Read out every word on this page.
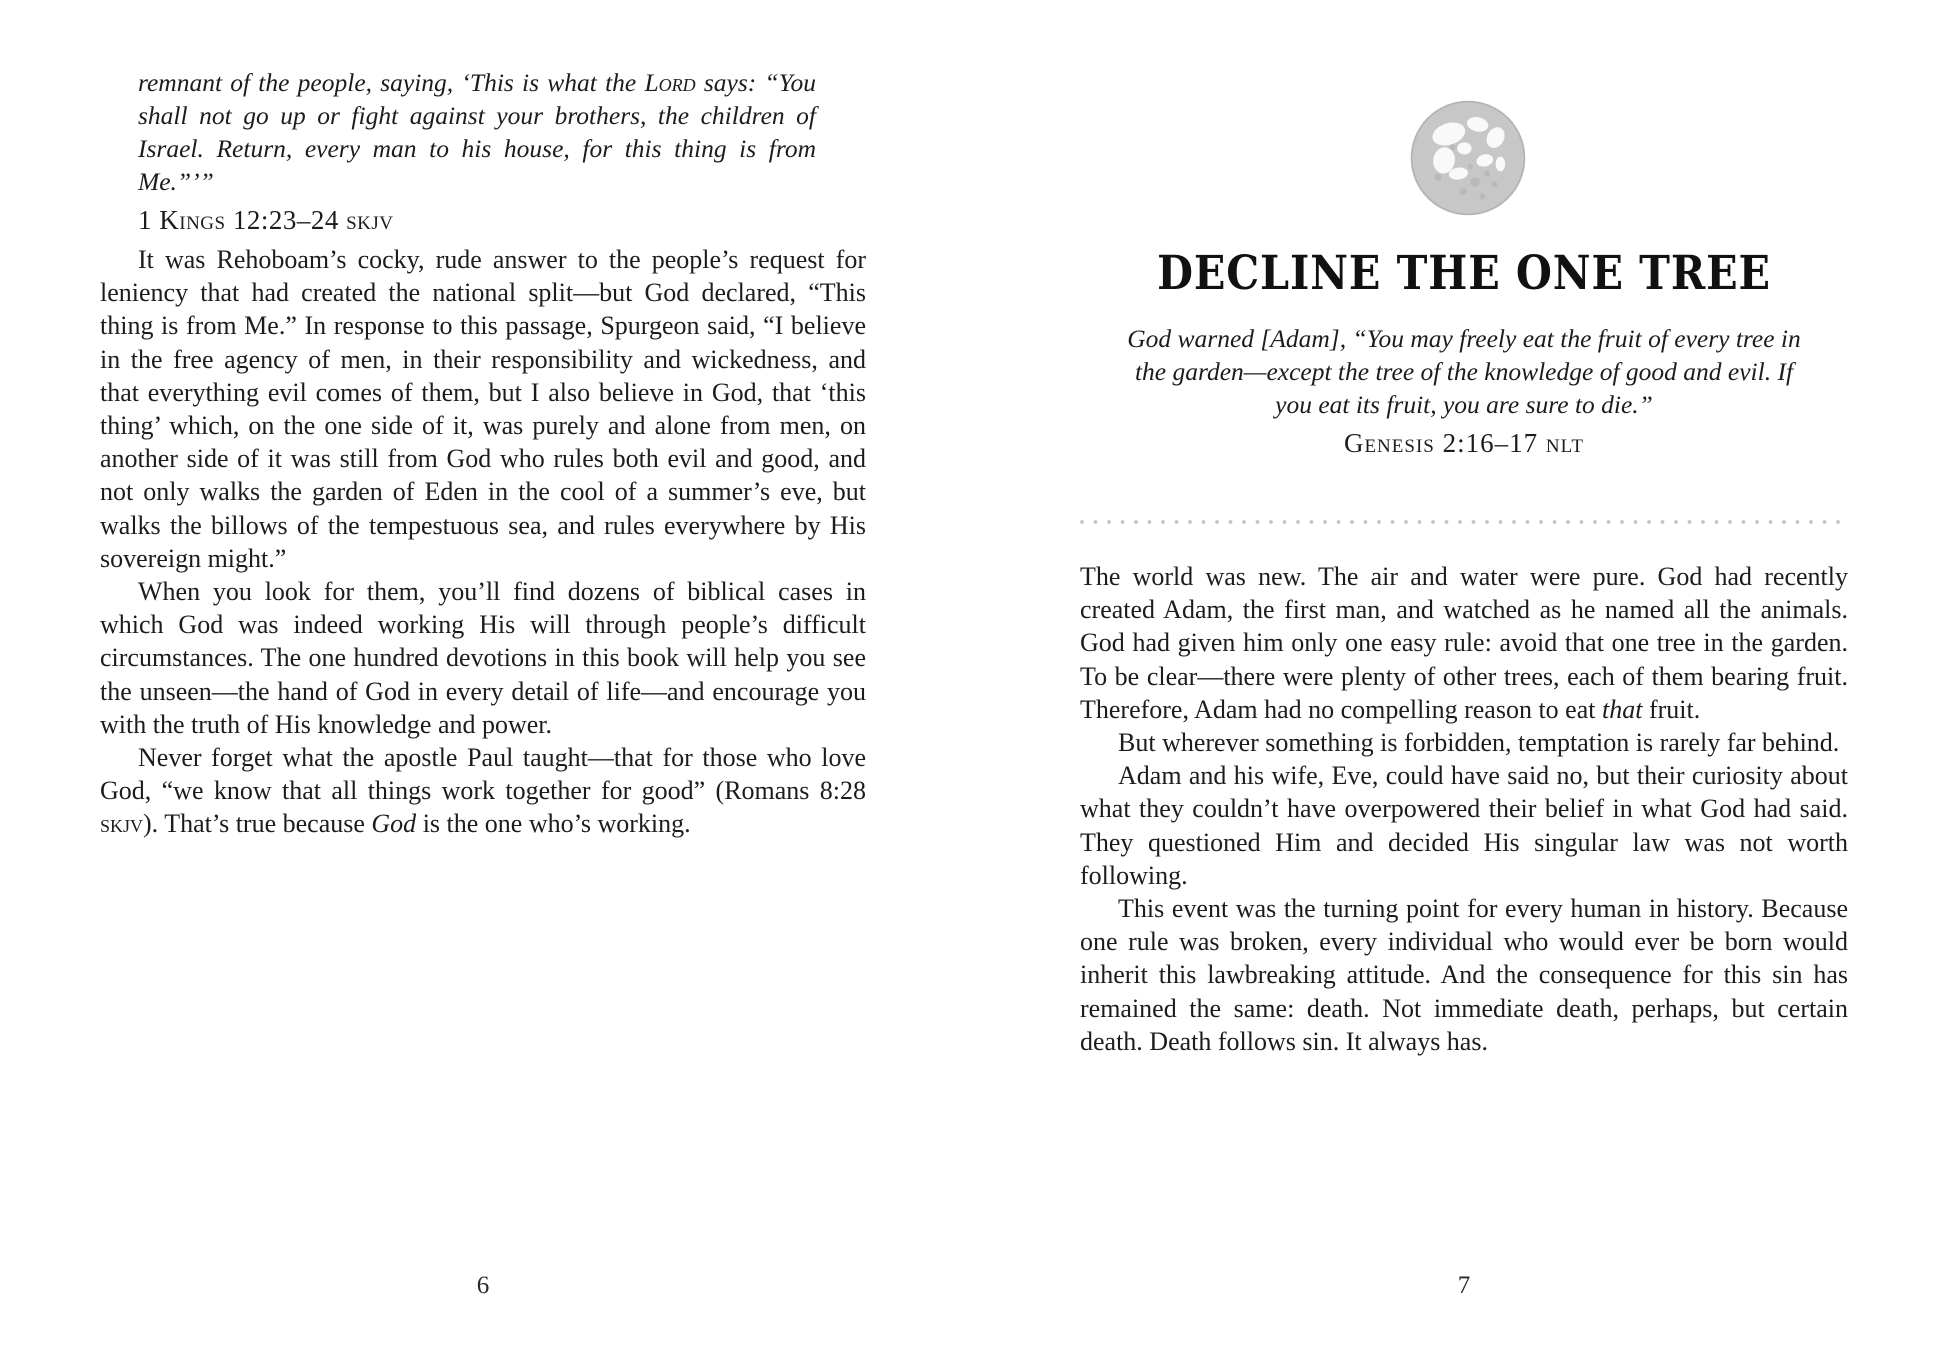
remnant of the people, saying, ‘This is what the Lord says: “You shall not go up or fight against your brothers, the children of Israel. Return, every man to his house, for this thing is from Me.”’”

1 Kings 12:23–24 skjv

It was Rehoboam’s cocky, rude answer to the people’s request for leniency that had created the national split—but God declared, “This thing is from Me.” In response to this passage, Spurgeon said, “I believe in the free agency of men, in their responsibility and wickedness, and that everything evil comes of them, but I also believe in God, that ‘this thing’ which, on the one side of it, was purely and alone from men, on another side of it was still from God who rules both evil and good, and not only walks the garden of Eden in the cool of a summer’s eve, but walks the billows of the tempestuous sea, and rules everywhere by His sovereign might.”

When you look for them, you’ll find dozens of biblical cases in which God was indeed working His will through people’s difficult circumstances. The one hundred devotions in this book will help you see the unseen—the hand of God in every detail of life—and encourage you with the truth of His knowledge and power.

Never forget what the apostle Paul taught—that for those who love God, “we know that all things work together for good” (Romans 8:28 skjv). That’s true because God is the one who’s working.

6
DECLINE THE ONE TREE

God warned [Adam], “You may freely eat the fruit of every tree in the garden—except the tree of the knowledge of good and evil. If you eat its fruit, you are sure to die.”

Genesis 2:16–17 nlt

The world was new. The air and water were pure. God had recently created Adam, the first man, and watched as he named all the animals. God had given him only one easy rule: avoid that one tree in the garden. To be clear—there were plenty of other trees, each of them bearing fruit. Therefore, Adam had no compelling reason to eat that fruit.

But wherever something is forbidden, temptation is rarely far behind.

Adam and his wife, Eve, could have said no, but their curiosity about what they couldn’t have overpowered their belief in what God had said. They questioned Him and decided His singular law was not worth following.

This event was the turning point for every human in history. Because one rule was broken, every individual who would ever be born would inherit this lawbreaking attitude. And the consequence for this sin has remained the same: death. Not immediate death, perhaps, but certain death. Death follows sin. It always has.

7
